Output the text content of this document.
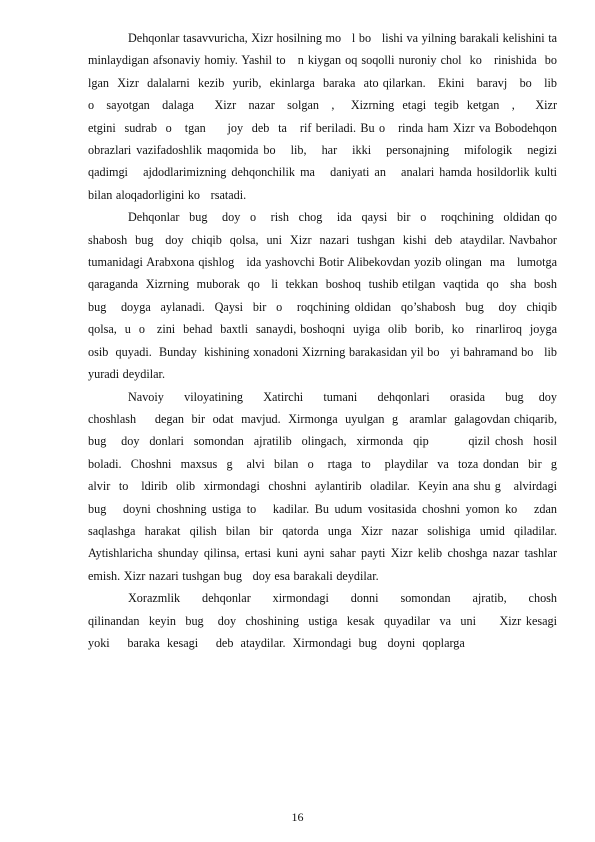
Dehqonlar tasavvuricha, Xizr hosilning mo   l bo   lishi va yilning barakali kelishini ta   minlaydigan afsonaviy homiy. Yashil to   n kiygan oq soqolli nuroniy chol  ko   rinishida  bo   lgan  Xizr  dalalarni  kezib  yurib,  ekinlarga  baraka  ato qilarkan.   Ekini   baravj   bo   lib   o   sayotgan   dalaga     Xizr   nazar   solgan   ,    Xizrning  etagi  tegib  ketgan   ,     Xizr  etgini  sudrab  o   tgan     joy  deb  ta   rif beriladi. Bu o   rinda ham Xizr va Bobodehqon obrazlari vazifadoshlik maqomida bo   lib,   har   ikki   personajning   mifologik   negizi   qadimgi   ajdodlarimizning dehqonchilik ma   daniyati an   analari hamda hosildorlik kulti bilan aloqadorligini ko   rsatadi.

Dehqonlar  bug   doy  o   rish  chog   ida  qaysi  bir  o   roqchining  oldidan qo   shabosh  bug   doy  chiqib  qolsa,  uni  Xizr  nazari  tushgan  kishi  deb  ataydilar. Navbahor tumanidagi Arabxona qishlog   ida yashovchi Botir Alibekovdan yozib olingan  ma   lumotga  qaraganda  Xizrning  muborak  qo   li  tekkan  boshoq  tushib etilgan  vaqtida  qo   sha  bosh    bug   doyga  aylanadi.  Qaysi  bir  o   roqchining oldidan  qo’shabosh  bug   doy  chiqib  qolsa,  u  o   zini  behad  baxtli  sanaydi, boshoqni  uyiga  olib  borib,  ko   rinarliroq  joyga  osib  quyadi.  Bunday  kishining xonadoni Xizrning barakasidan yil bo   yi bahramand bo   lib yuradi deydilar.

Navoiy    viloyatining    Xatirchi    tumani    dehqonlari    orasida    bug   doy choshlash     degan  bir  odat  mavjud.  Xirmonga  uyulgan  g   aramlar  galagovdan chiqarib,  bug   doy  donlari  somondan  ajratilib  olingach,  xirmonda  qip        qizil chosh  hosil  boladi.  Choshni  maxsus  g   alvi  bilan  o   rtaga  to   playdilar  va  toza dondan  bir  g   alvir  to   ldirib  olib  xirmondagi  choshni  aylantirib  oladilar.  Keyin ana shu g   alvirdagi bug   doyni choshning ustiga to   kadilar. Bu udum vositasida choshni yomon ko   zdan saqlashga harakat qilish bilan bir qatorda unga Xizr nazar solishiga umid qiladilar. Aytishlaricha shunday qilinsa, ertasi kuni ayni sahar payti Xizr kelib choshga nazar tashlar emish. Xizr nazari tushgan bug   doy esa barakali deydilar.

Xorazmlik    dehqonlar    xirmondagi    donni    somondan    ajratib,    chosh qilinandan  keyin  bug   doy  choshining  ustiga  kesak  quyadilar  va  uni     Xizr kesagi     yoki     baraka  kesagi     deb  ataydilar.  Xirmondagi  bug   doyni  qoplarga

16
